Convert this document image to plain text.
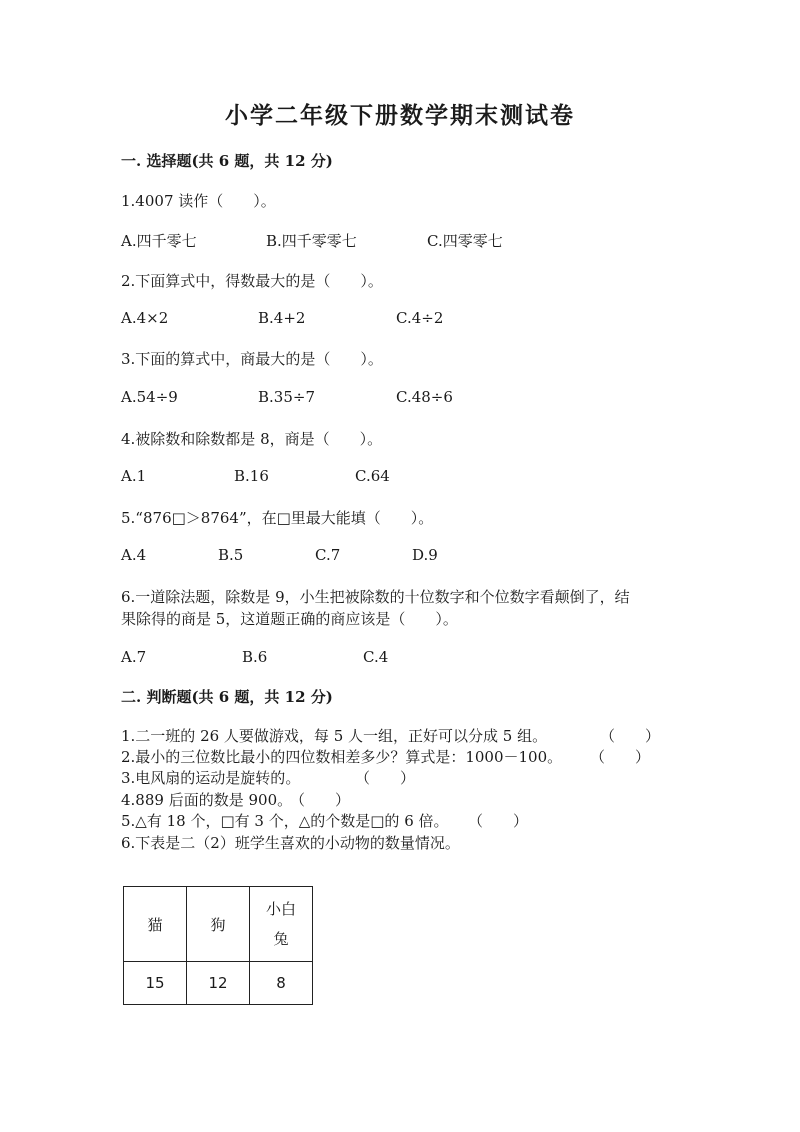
小学二年级下册数学期末测试卷
一. 选择题(共 6 题，共 12 分)
1.4007 读作（　　）。
A.四千零七	B.四千零零七	C.四零零七
2.下面算式中，得数最大的是（　　）。
A.4×2	B.4+2	C.4÷2
3.下面的算式中，商最大的是（　　）。
A.54÷9	B.35÷7	C.48÷6
4.被除数和除数都是 8，商是（　　）。
A.1	B.16	C.64
5.“876□＞8764”，在□里最大能填（　　）。
A.4	B.5	C.7	D.9
6.一道除法题，除数是 9，小生把被除数的十位数字和个位数字看颠倒了，结
果除得的商是 5，这道题正确的商应该是（　　）。
A.7	B.6	C.4
二. 判断题(共 6 题，共 12 分)
1.二一班的 26 人要做游戏，每 5 人一组，正好可以分成 5 组。	（　　）
2.最小的三位数比最小的四位数相差多少？算式是：1000－100。 （　　）
3.电风扇的运动是旋转的。	（　　）
4.889 后面的数是 900。
（　　）
5.△有 18 个，□有 3 个，△的个数是□的 6 倍。 （　　）
6.下表是二（2）班学生喜欢的小动物的数量情况。
猫	狗	小白
兔

15	12	8
